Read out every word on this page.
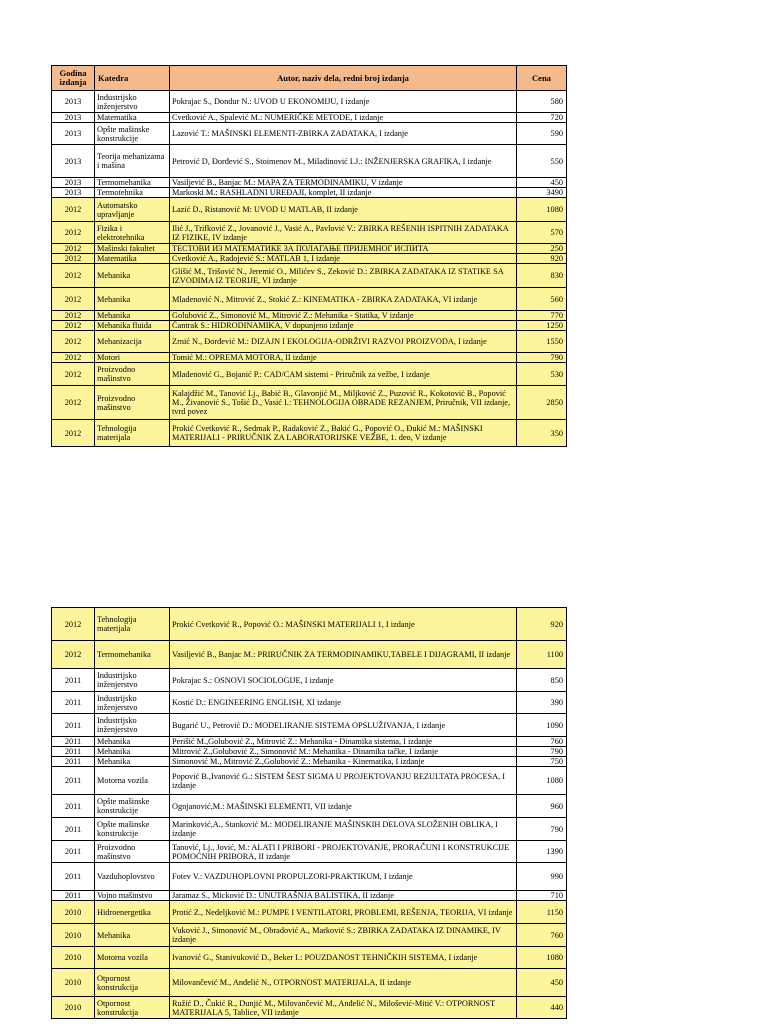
Godina izdanja	Katedra	Autor, naziv dela, redni broj izdanja	Cena
2013	Industrijsko inženjerstvo	Pokrajac S., Dondur N.: UVOD U EKONOMIJU, I izdanje	580
2013	Matematika	Cvetković A., Spalević M.: NUMERIČKE METODE, I izdanje	720
2013	Opšte mašinske konstrukcije	Lazović T.: MAŠINSKI ELEMENTI-ZBIRKA ZADATAKA, I izdanje	590
2013	Teorija mehanizama i mašina	Petrović D, Đorđević S., Stoimenov M., Miladinović LJ.: INŽENJERSKA GRAFIKA, I izdanje	550
2013	Termomehanika	Vasiljević B., Banjac M.: MAPA ZA TERMODINAMIKU, V izdanje	450
2013	Termotehnika	Markoski M.: RASHLADNI UREĐAJI, komplet, II izdanje	3490
2012	Automatsko upravljanje	Lazić D., Ristanović M: UVOD U MATLAB, II izdanje	1080
2012	Fizika i elektrotehnika	Ilić J., Trifković Z., Jovanović J., Vasić A., Pavlović V.: ZBIRKA REŠENIH ISPITNIH ZADATAKA IZ FIZIKE, IV izdanje	570
2012	Mašinski fakultet	ТЕСТОВИ ИЗ МАТЕМАТИКЕ ЗА ПОЛАГАЊЕ ПРИЈЕМНОГ ИСПИТА	250
2012	Matematika	Cvetković A., Radojević S.: MATLAB 1, I izdanje	920
2012	Mehanika	Glišić M., Trišović N., Jeremić O., Milićev S., Zeković D.: ZBIRKA ZADATAKA IZ STATIKE SA IZVODIMA IZ TEORIJE, VI izdanje	830
2012	Mehanika	Mladenović N., Mitrović Z., Stokić Z.: KINEMATIKA - ZBIRKA ZADATAKA, VI izdanje	560
2012	Mehanika	Golubović Z., Simonović M., Mitrović Z.: Mehanika - Statika, V izdanje	770
2012	Mehanika fluida	Ćantrak S.: HIDRODINAMIKA, V dopunjeno izdanje	1250
2012	Mehanizacija	Zrnić N., Đorđević M.: DIZAJN I EKOLOGIJA-ODRŽIVI RAZVOJ PROIZVODA, I izdanje	1550
2012	Motori	Tomić M.: OPREMA MOTORA, II izdanje	790
2012	Proizvodno mašinstvo	Mladenović G., Bojanić P.: CAD/CAM sistemi - Priručnik za vežbe, I izdanje	530
2012	Proizvodno mašinstvo	Kalajdžić M., Tanović Lj., Babić B., Glavonjić M., Miljković Z., Puzović R., Kokotović B., Popović M., Živanović S., Tošić D., Vasić I.: TEHNOLOGIJA OBRADE REZANJEM, Priručnik, VII izdanje, tvrd povez	2850
2012	Tehnologija materijala	Prokić Cvetković R., Sedmak P., Radaković Z., Bakić G., Popović O., Đukić M.: MAŠINSKI MATERIJALI - PRIRUČNIK ZA LABORATORIJSKE VEŽBE, 1. deo, V izdanje	350
2012	Tehnologija materijala	Prokić Cvetković R., Popović O.: MAŠINSKI MATERIJALI 1, I izdanje	920
2012	Termomehanika	Vasiljević B., Banjac M.: PRIRUČNIK ZA TERMODINAMIKU,TABELE I DIJAGRAMI, II izdanje	1100
2011	Industrijsko inženjerstvo	Pokrajac S.: OSNOVI SOCIOLOGIJE, I izdanje	850
2011	Industrijsko inženjerstvo	Kostić D.: ENGINEERING ENGLISH, XI izdanje	390
2011	Industrijsko inženjerstvo	Bugarić U., Petrović D.: MODELIRANJE SISTEMA OPSLUŽIVANJA, I izdanje	1090
2011	Mehanika	Perišić M.,Golubović Z., Mitrović Z.: Mehanika - Dinamika sistema, I izdanje	760
2011	Mehanika	Mitrović Z.,Golubović Z., Simonović M.: Mehanika - Dinamika tačke, I izdanje	790
2011	Mehanika	Simonović M., Mitrović Z.,Golubović Z.: Mehanika - Kinematika, I izdanje	750
2011	Motorna vozila	Popović B.,Ivanović G.: SISTEM ŠEST SIGMA U PROJEKTOVANJU REZULTATA PROCESA, I izdanje	1080
2011	Opšte mašinske konstrukcije	Ognjanović,M.: MAŠINSKI ELEMENTI, VII izdanje	960
2011	Opšte mašinske konstrukcije	Marinković,A., Stanković M.: MODELIRANJE MAŠINSKIH DELOVA SLOŽENIH OBLIKA, I izdanje	790
2011	Proizvodno mašinstvo	Tanović, Lj., Jović, M.: ALATI I PRIBORI - PROJEKTOVANJE, PRORAČUNI I KONSTRUKCIJE POMOĆNIH PRIBORA, II izdanje	1390
2011	Vazduhoplovstvo	Fotev V.: VAZDUHOPLOVNI PROPULZORI-PRAKTIKUM, I izdanje	990
2011	Vojno mašinstvo	Jaramaz S., Micković D.: UNUTRAŠNJA BALISTIKA, II izdanje	710
2010	Hidroenergetika	Protić Z., Nedeljković M.: PUMPE I VENTILATORI, PROBLEMI, REŠENJA, TEORIJA, VI izdanje	1150
2010	Mehanika	Vuković J., Simonović M., Obradović A., Marković S.: ZBIRKA ZADATAKA IZ DINAMIKE, IV izdanje	760
2010	Motorna vozila	Ivanović G., Stanivuković D., Beker I.: POUZDANOST TEHNIČKIH SISTEMA, I izdanje	1080
2010	Otpornost konstrukcija	Milovančević M., Anđelić N., OTPORNOST MATERIJALA, II izdanje	450
2010	Otpornost konstrukcija	Ružić D., Čukić R., Dunjić M., Milovančević M., Anđelić N., Milošević-Mitić V.: OTPORNOST MATERIJALA 5, Tablice, VII izdanje	440
